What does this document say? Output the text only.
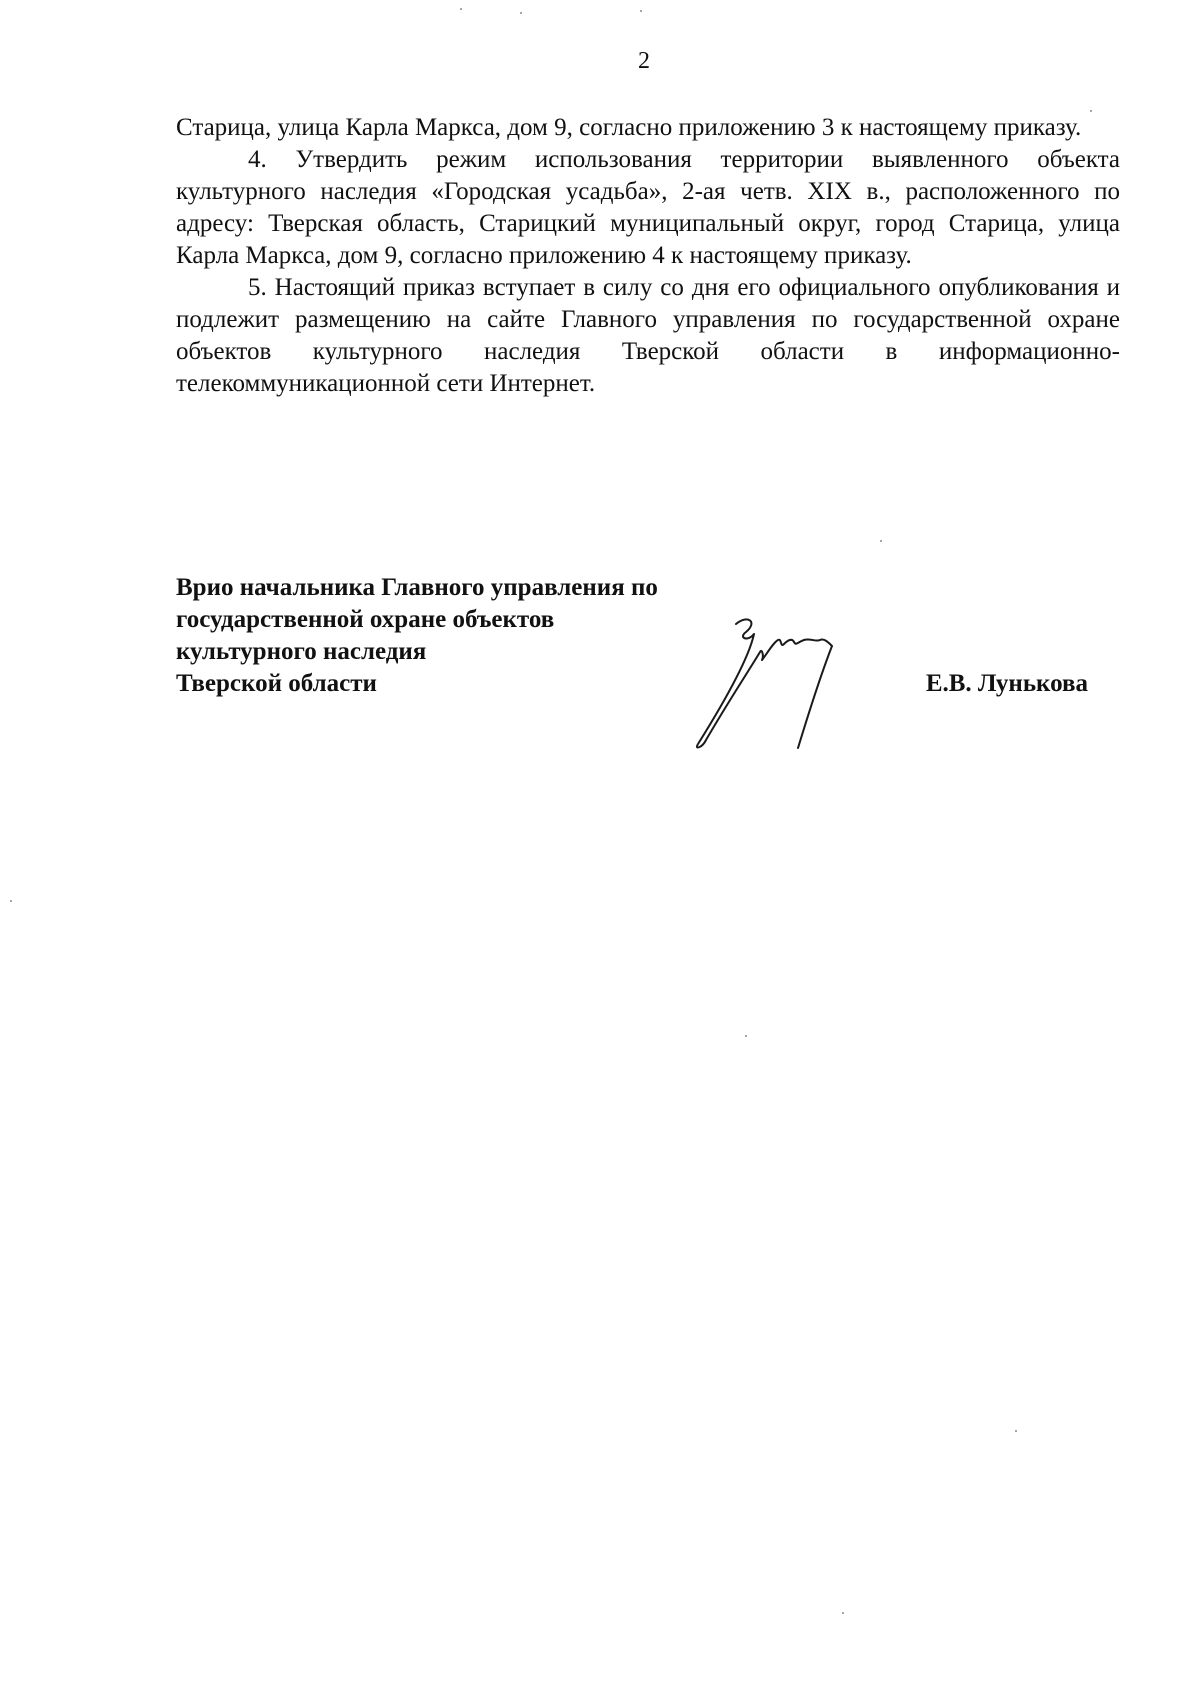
2

Старица, улица Карла Маркса, дом 9, согласно приложению 3 к настоящему приказу.

4. Утвердить режим использования территории выявленного объекта культурного наследия «Городская усадьба», 2-ая четв. XIX в., расположенного по адресу: Тверская область, Старицкий муниципальный округ, город Старица, улица Карла Маркса, дом 9, согласно приложению 4 к настоящему приказу.

5. Настоящий приказ вступает в силу со дня его официального опубликования и подлежит размещению на сайте Главного управления по государственной охране объектов культурного наследия Тверской области в информационно-телекоммуникационной сети Интернет.

Врио начальника Главного управления по
государственной охране объектов
культурного наследия
Тверской области	Е.В. Лунькова
